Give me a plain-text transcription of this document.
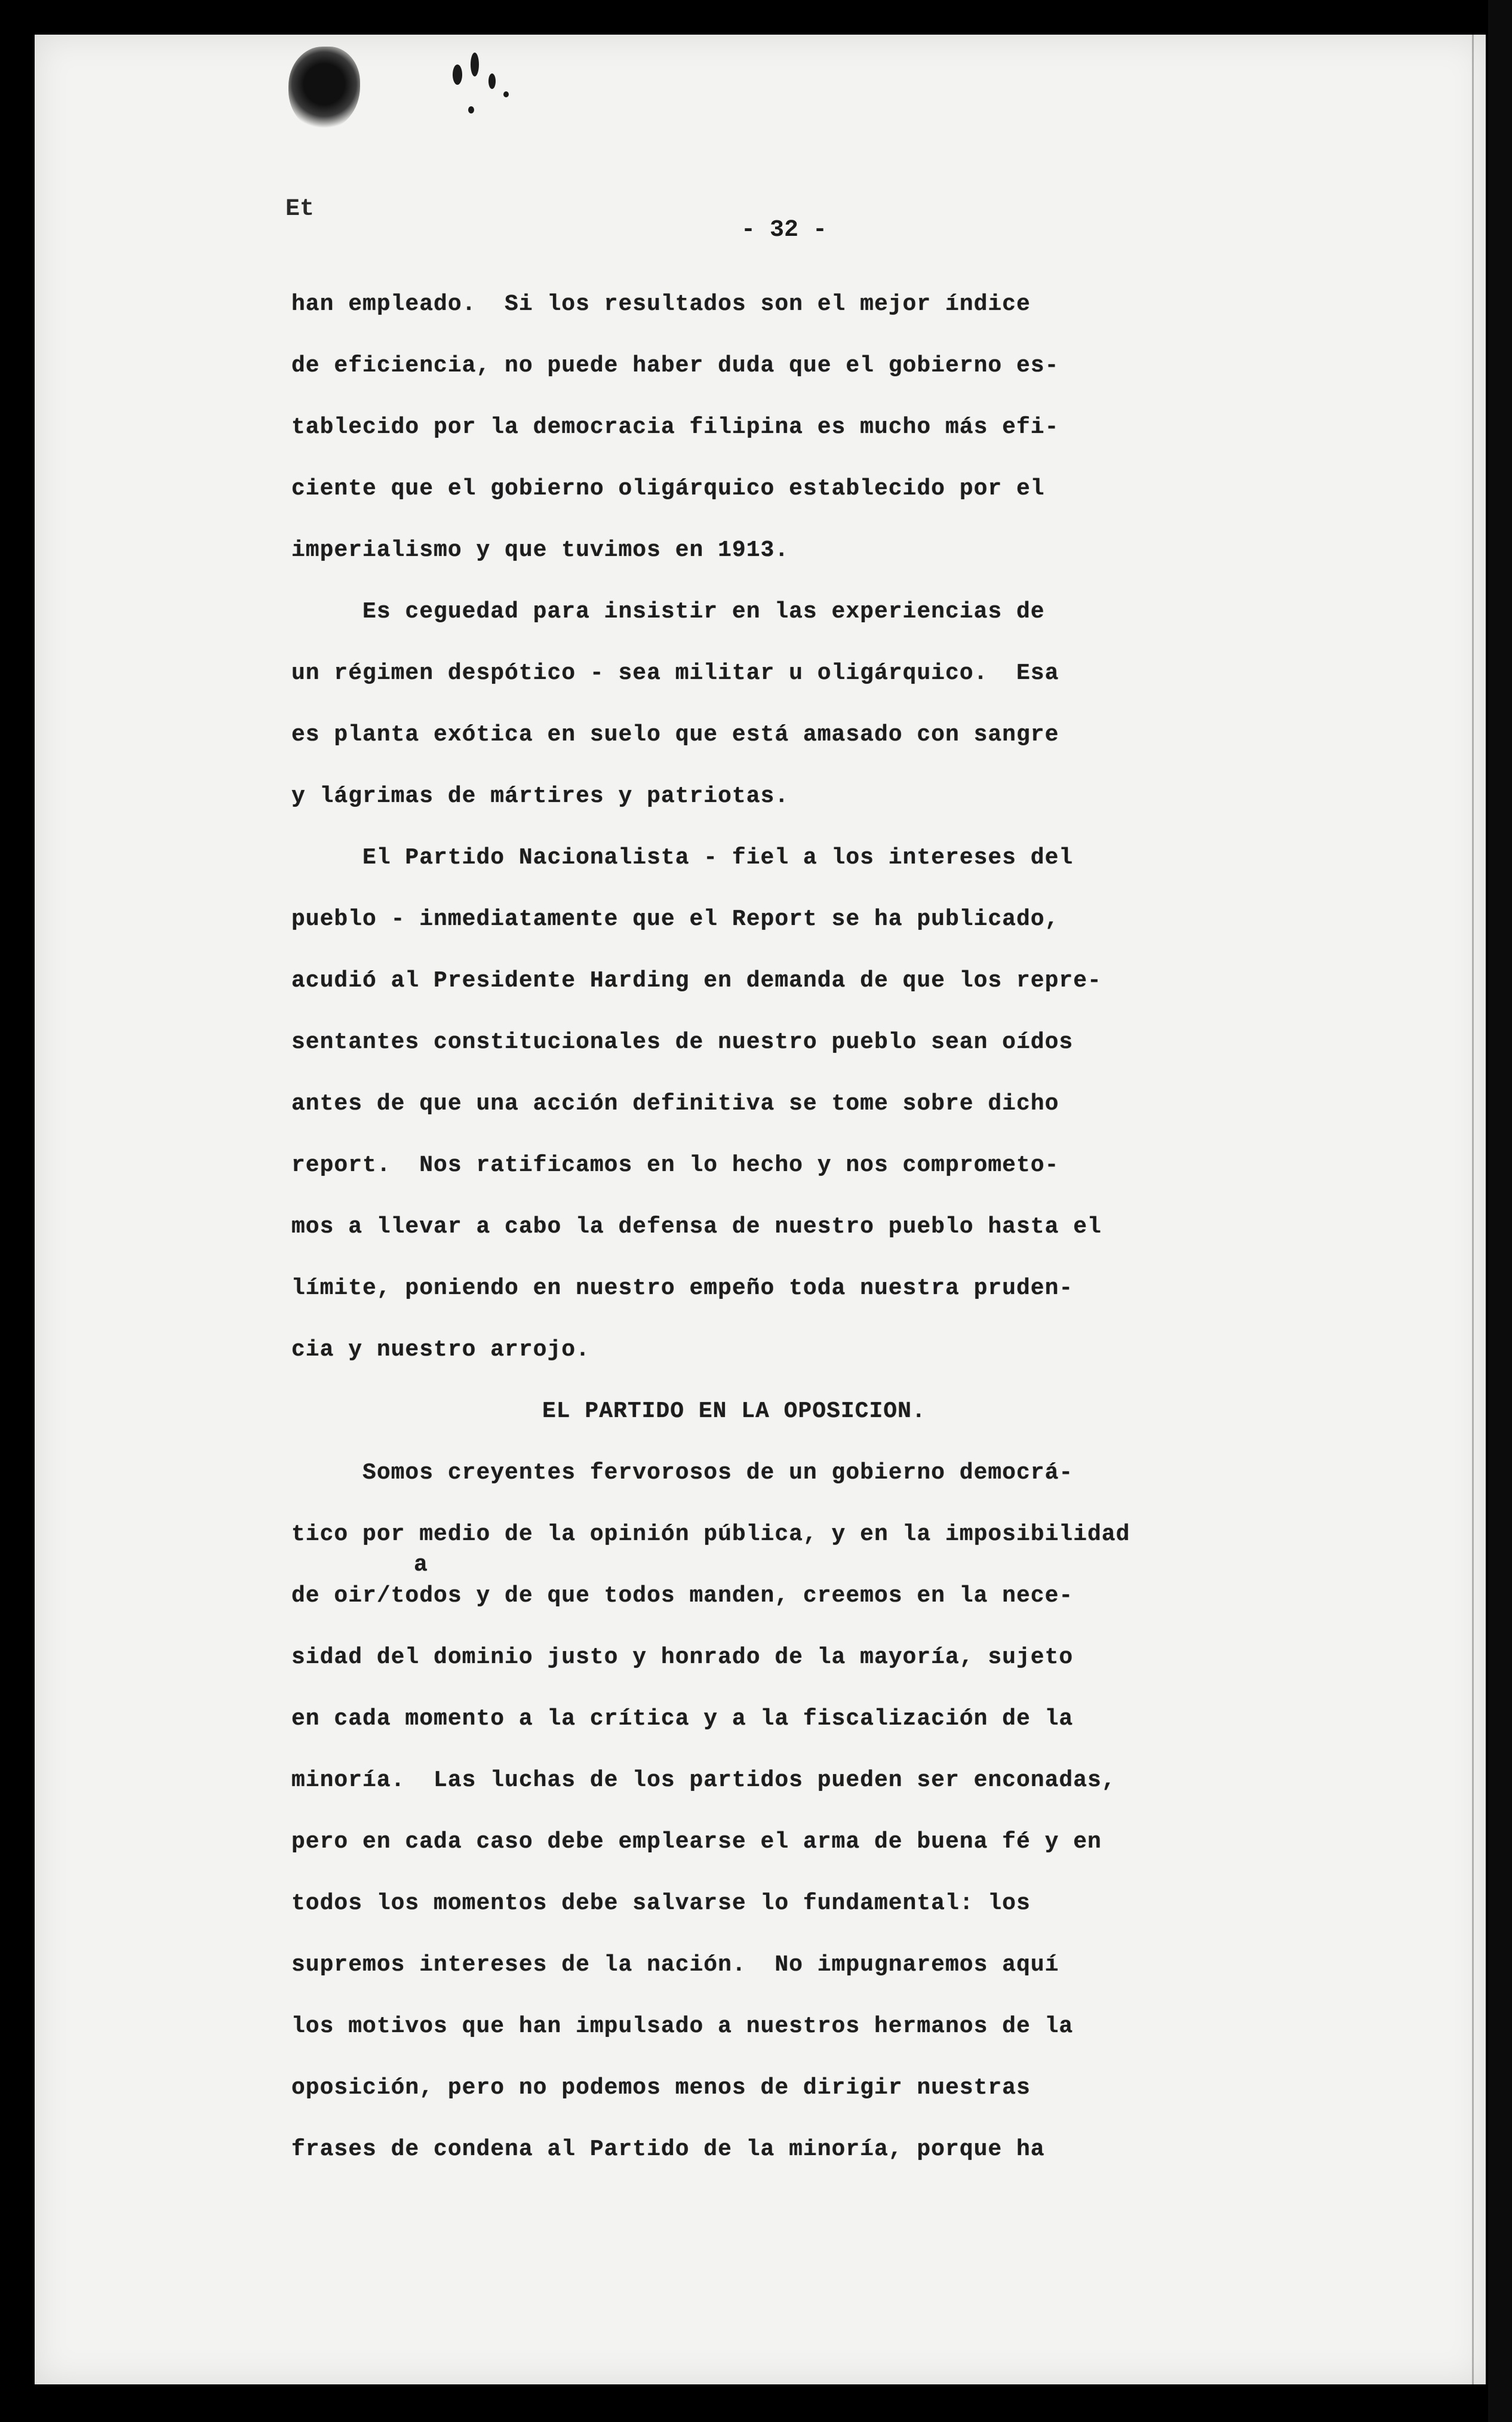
Et
- 32 -

han empleado.  Si los resultados son el mejor índice

de eficiencia, no puede haber duda que el gobierno es-

tablecido por la democracia filipina es mucho más efi-

ciente que el gobierno oligárquico establecido por el

imperialismo y que tuvimos en 1913.

Es ceguedad para insistir en las experiencias de

un régimen despótico - sea militar u oligárquico.  Esa

es planta exótica en suelo que está amasado con sangre

y lágrimas de mártires y patriotas.

El Partido Nacionalista - fiel a los intereses del

pueblo - inmediatamente que el Report se ha publicado,

acudió al Presidente Harding en demanda de que los repre-

sentantes constitucionales de nuestro pueblo sean oídos

antes de que una acción definitiva se tome sobre dicho

report.  Nos ratificamos en lo hecho y nos comprometo-

mos a llevar a cabo la defensa de nuestro pueblo hasta el

límite, poniendo en nuestro empeño toda nuestra pruden-

cia y nuestro arrojo.

EL PARTIDO EN LA OPOSICION.

Somos creyentes fervorosos de un gobierno democrá-

tico por medio de la opinión pública, y en la imposibilidad

a

de oir/todos y de que todos manden, creemos en la nece-

sidad del dominio justo y honrado de la mayoría, sujeto

en cada momento a la crítica y a la fiscalización de la

minoría.  Las luchas de los partidos pueden ser enconadas,

pero en cada caso debe emplearse el arma de buena fé y en

todos los momentos debe salvarse lo fundamental: los

supremos intereses de la nación.  No impugnaremos aquí

los motivos que han impulsado a nuestros hermanos de la

oposición, pero no podemos menos de dirigir nuestras

frases de condena al Partido de la minoría, porque ha
